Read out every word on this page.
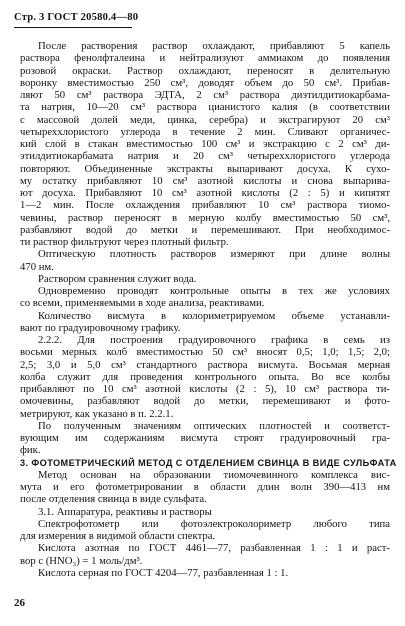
Стр. 3 ГОСТ 20580.4—80

После растворения раствор охлаждают, прибавляют 5 капель

раствора фенолфталеина и нейтрализуют аммиаком до появления

розовой окраски. Раствор охлаждают, переносят в делительную

воронку вместимостью 250 см³, доводят объем до 50 см³. Прибав-

ляют 50 см³ раствора ЭДТА, 2 см³ раствора диэтилдитиокарбама-

та натрия, 10—20 см³ раствора цианистого калия (в соответствии

с массовой долей меди, цинка, серебра) и экстрагируют 20 см³

четыреххлористого углерода в течение 2 мин. Сливают органичес-

кий слой в стакан вместимостью 100 см³ и экстракцию с 2 см³ ди-

этилдитиокарбамата натрия и 20 см³ четыреххлористого углерода

повторяют. Объединенные экстракты выпаривают досуха. К сухо-

му остатку прибавляют 10 см³ азотной кислоты и снова выпарива-

ют досуха. Прибавляют 10 см³ азотной кислоты (2 : 5) и кипятят

1—2 мин. После охлаждения прибавляют 10 см³ раствора тиомо-

чевины, раствор переносят в мерную колбу вместимостью 50 см³,

разбавляют водой до метки и перемешивают. При необходимос-

ти раствор фильтруют через плотный фильтр.

Оптическую плотность растворов измеряют при длине волны

470 нм.

Раствором сравнения служит вода.

Одновременно проводят контрольные опыты в тех же условиях

со всеми, применяемыми в ходе анализа, реактивами.

Количество висмута в колориметрируемом объеме устанавли-

вают по градуировочному графику.

2.2.2. Для построения градуировочного графика в семь из

восьми мерных колб вместимостью 50 см³ вносят 0,5; 1,0; 1,5; 2,0;

2,5; 3,0 и 5,0 см³ стандартного раствора висмута. Восьмая мерная

колба служит для проведения контрольного опыта. Во все колбы

прибавляют по 10 см³ азотной кислоты (2 : 5), 10 см³ раствора ти-

омочевины, разбавляют водой до метки, перемешивают и фото-

метрируют, как указано в п. 2.2.1.

По полученным значениям оптических плотностей и соответст-

вующим им содержаниям висмута строят градуировочный гра-

фик.

3. ФОТОМЕТРИЧЕСКИЙ МЕТОД С ОТДЕЛЕНИЕМ СВИНЦА В ВИДЕ СУЛЬФАТА

Метод основан на образовании тиомочевинного комплекса вис-

мута и его фотометрировании в области длин волн 390—413 нм

после отделения свинца в виде сульфата.

3.1. Аппаратура, реактивы и растворы

Спектрофотометр или фотоэлектроколориметр любого типа

для измерения в видимой области спектра.

Кислота азотная по ГОСТ 4461—77, разбавленная 1 : 1 и раст-

вор с (HNO₃) = 1 моль/дм³.

Кислота серная по ГОСТ 4204—77, разбавленная 1 : 1.

26
